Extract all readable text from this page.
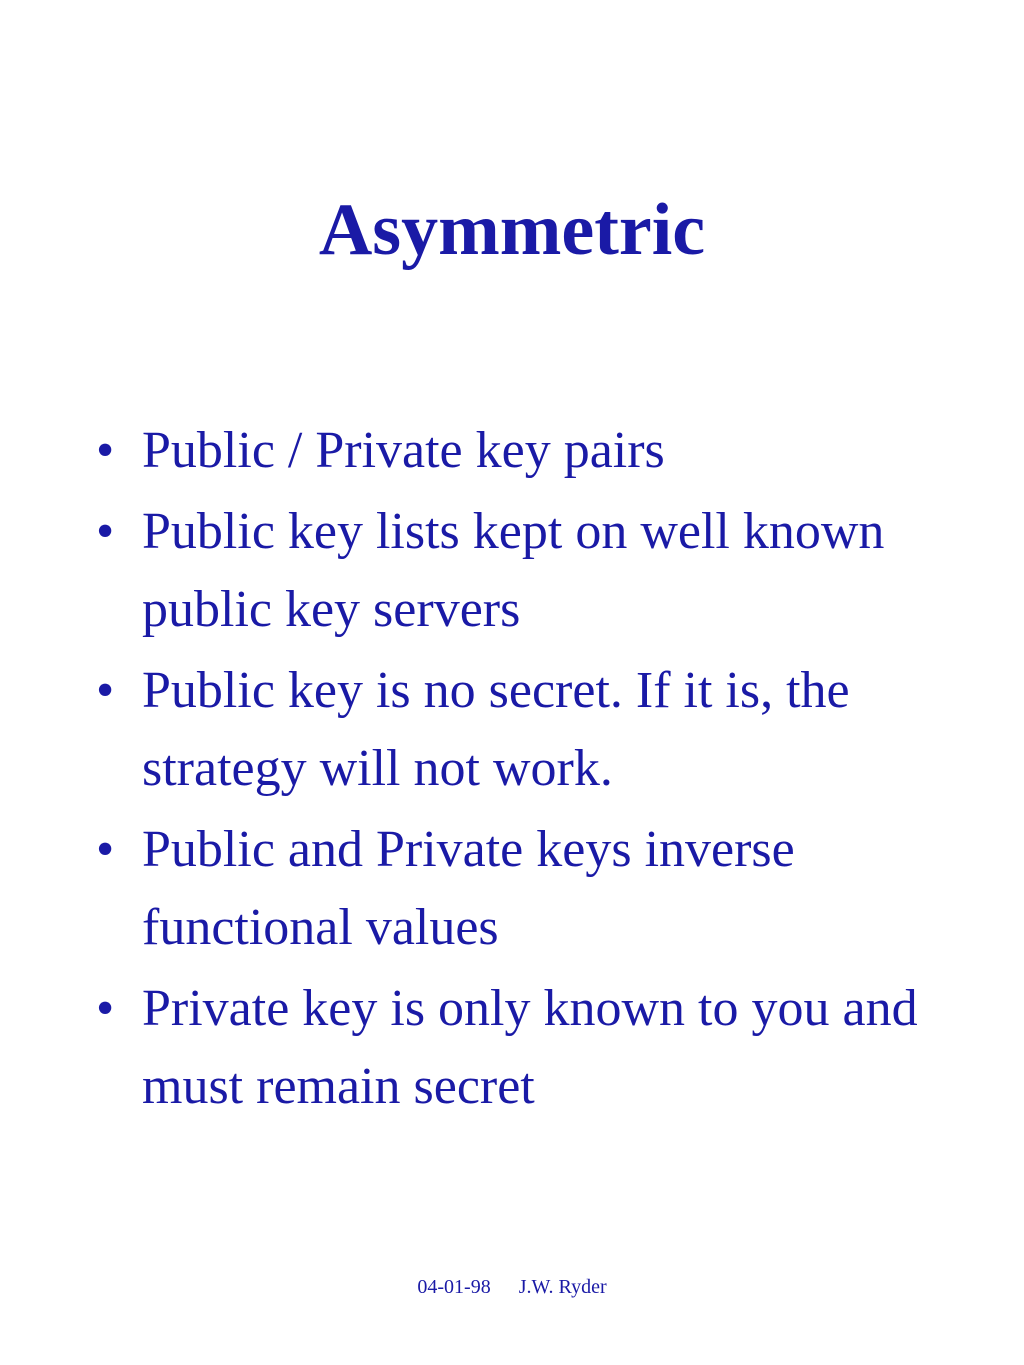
Asymmetric
• Public / Private key pairs
• Public key lists kept on well known public key servers
• Public key is no secret. If it is, the strategy will not work.
• Public and Private keys inverse functional values
• Private key is only known to you and must remain secret
04-01-98 J.W. Ryder
